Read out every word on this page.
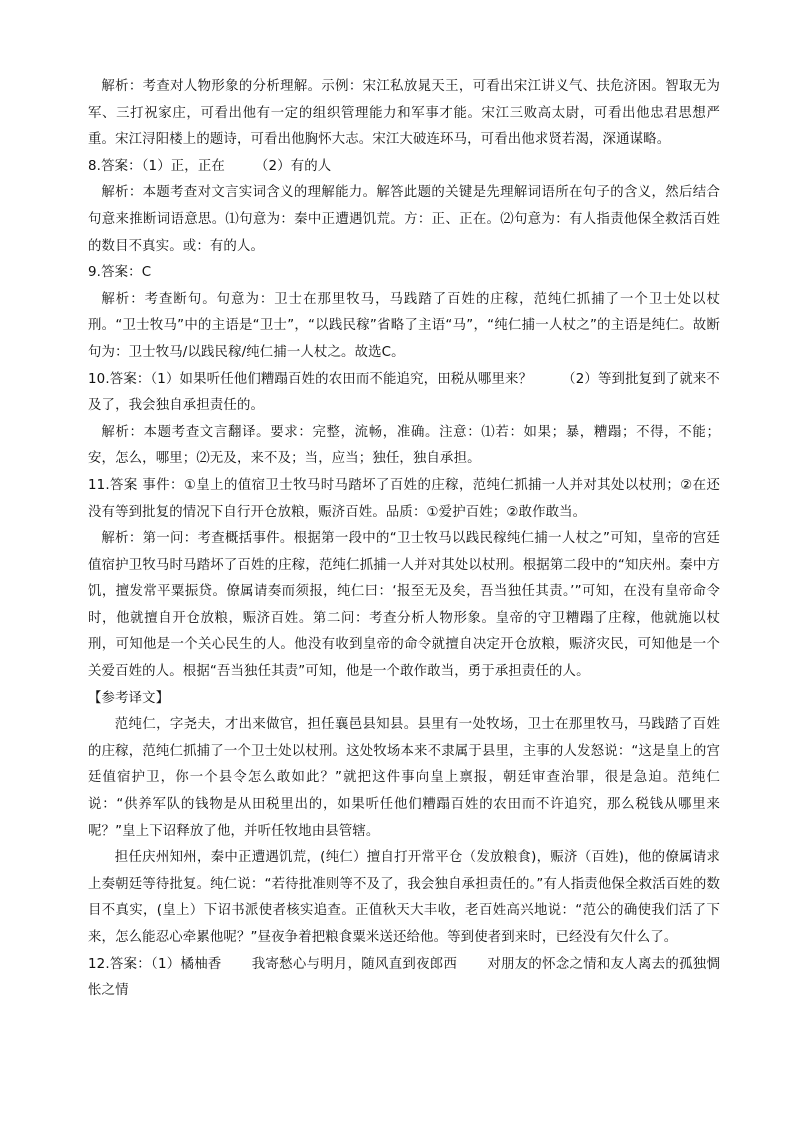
解析：考查对人物形象的分析理解。示例：宋江私放晁天王，可看出宋江讲义气、扶危济困。智取无为军、三打祝家庄，可看出他有一定的组织管理能力和军事才能。宋江三败高太尉，可看出他忠君思想严重。宋江浔阳楼上的题诗，可看出他胸怀大志。宋江大破连环马，可看出他求贤若渴，深通谋略。

8.答案：（1）正，正在 （2）有的人

解析：本题考查对文言实词含义的理解能力。解答此题的关键是先理解词语所在句子的含义，然后结合句意来推断词语意思。⑴句意为：秦中正遭遇饥荒。方：正、正在。⑵句意为：有人指责他保全救活百姓的数目不真实。或：有的人。

9.答案：C

解析：考查断句。句意为：卫士在那里牧马，马践踏了百姓的庄稼，范纯仁抓捕了一个卫士处以杖刑。“卫士牧马”中的主语是“卫士”，“以践民稼”省略了主语“马”，“纯仁捕一人杖之”的主语是纯仁。故断句为：卫士牧马/以践民稼/纯仁捕一人杖之。故选C。

10.答案：（1）如果听任他们糟蹋百姓的农田而不能追究，田税从哪里来？ （2）等到批复到了就来不及了，我会独自承担责任的。

解析：本题考查文言翻译。要求：完整，流畅，准确。注意：⑴若：如果；暴，糟蹋；不得，不能；安，怎么，哪里；⑵无及，来不及；当，应当；独任，独自承担。

11.答案 事件：①皇上的值宿卫士牧马时马踏坏了百姓的庄稼，范纯仁抓捕一人并对其处以杖刑；②在还没有等到批复的情况下自行开仓放粮，赈济百姓。品质：①爱护百姓；②敢作敢当。

解析：第一问：考查概括事件。根据第一段中的“卫士牧马以践民稼纯仁捕一人杖之”可知，皇帝的宫廷值宿护卫牧马时马踏坏了百姓的庄稼，范纯仁抓捕一人并对其处以杖刑。根据第二段中的“知庆州。秦中方饥，擅发常平粟振贷。僚属请奏而须报，纯仁曰：‘报至无及矣，吾当独任其责。’”可知，在没有皇帝命令时，他就擅自开仓放粮，赈济百姓。第二问：考查分析人物形象。皇帝的守卫糟蹋了庄稼，他就施以杖刑，可知他是一个关心民生的人。他没有收到皇帝的命令就擅自决定开仓放粮，赈济灾民，可知他是一个关爱百姓的人。根据“吾当独任其责”可知，他是一个敢作敢当，勇于承担责任的人。

【参考译文】

范纯仁，字尧夫，才出来做官，担任襄邑县知县。县里有一处牧场，卫士在那里牧马，马践踏了百姓的庄稼，范纯仁抓捕了一个卫士处以杖刑。这处牧场本来不隶属于县里，主事的人发怒说：“这是皇上的宫廷值宿护卫，你一个县令怎么敢如此？”就把这件事向皇上禀报，朝廷审查治罪，很是急迫。范纯仁说：“供养军队的钱物是从田税里出的，如果听任他们糟蹋百姓的农田而不许追究，那么税钱从哪里来呢？”皇上下诏释放了他，并听任牧地由县管辖。

担任庆州知州，秦中正遭遇饥荒，(纯仁）擅自打开常平仓（发放粮食)，赈济（百姓)，他的僚属请求上奏朝廷等待批复。纯仁说：“若待批准则等不及了，我会独自承担责任的。”有人指责他保全救活百姓的数目不真实，(皇上）下诏书派使者核实追查。正值秋天大丰收，老百姓高兴地说：“范公的确使我们活了下来，怎么能忍心牵累他呢？”昼夜争着把粮食粟米送还给他。等到使者到来时，已经没有欠什么了。

12.答案：（1）橘柚香 我寄愁心与明月，随风直到夜郎西 对朋友的怀念之情和友人离去的孤独惆怅之情
